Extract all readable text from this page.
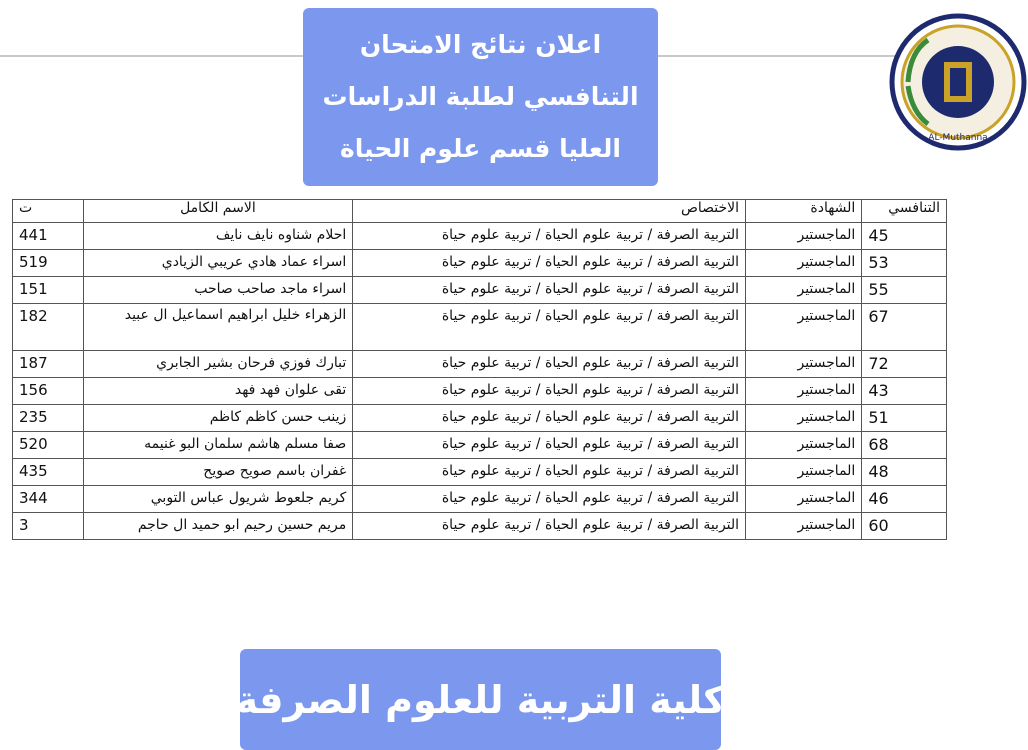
اعلان نتائج الامتحان
التنافسي لطلبة الدراسات
العليا قسم علوم الحياة	AL-Muthanna
التنافسي	الشهادة	الاختصاص	الاسم الكامل	ت
45	الماجستير	التربية الصرفة / تربية علوم الحياة / تربية علوم حياة	احلام شناوه نايف نايف	441
53	الماجستير	التربية الصرفة / تربية علوم الحياة / تربية علوم حياة	اسراء عماد هادي عريبي الزيادي	519
55	الماجستير	التربية الصرفة / تربية علوم الحياة / تربية علوم حياة	اسراء ماجد صاحب صاحب	151
67	الماجستير	التربية الصرفة / تربية علوم الحياة / تربية علوم حياة	الزهراء خليل ابراهيم اسماعيل ال عبيد	182
72	الماجستير	التربية الصرفة / تربية علوم الحياة / تربية علوم حياة	تبارك فوزي فرحان بشير الجابري	187
43	الماجستير	التربية الصرفة / تربية علوم الحياة / تربية علوم حياة	تقى علوان فهد فهد	156
51	الماجستير	التربية الصرفة / تربية علوم الحياة / تربية علوم حياة	زينب حسن كاظم كاظم	235
68	الماجستير	التربية الصرفة / تربية علوم الحياة / تربية علوم حياة	صفا مسلم هاشم سلمان البو غنيمه	520
48	الماجستير	التربية الصرفة / تربية علوم الحياة / تربية علوم حياة	غفران باسم صويح صويح	435
46	الماجستير	التربية الصرفة / تربية علوم الحياة / تربية علوم حياة	كريم جلعوط شريول عباس التوبي	344
60	الماجستير	التربية الصرفة / تربية علوم الحياة / تربية علوم حياة	مريم حسين رحيم ابو حميد ال حاجم	3
كلية التربية للعلوم الصرفة
